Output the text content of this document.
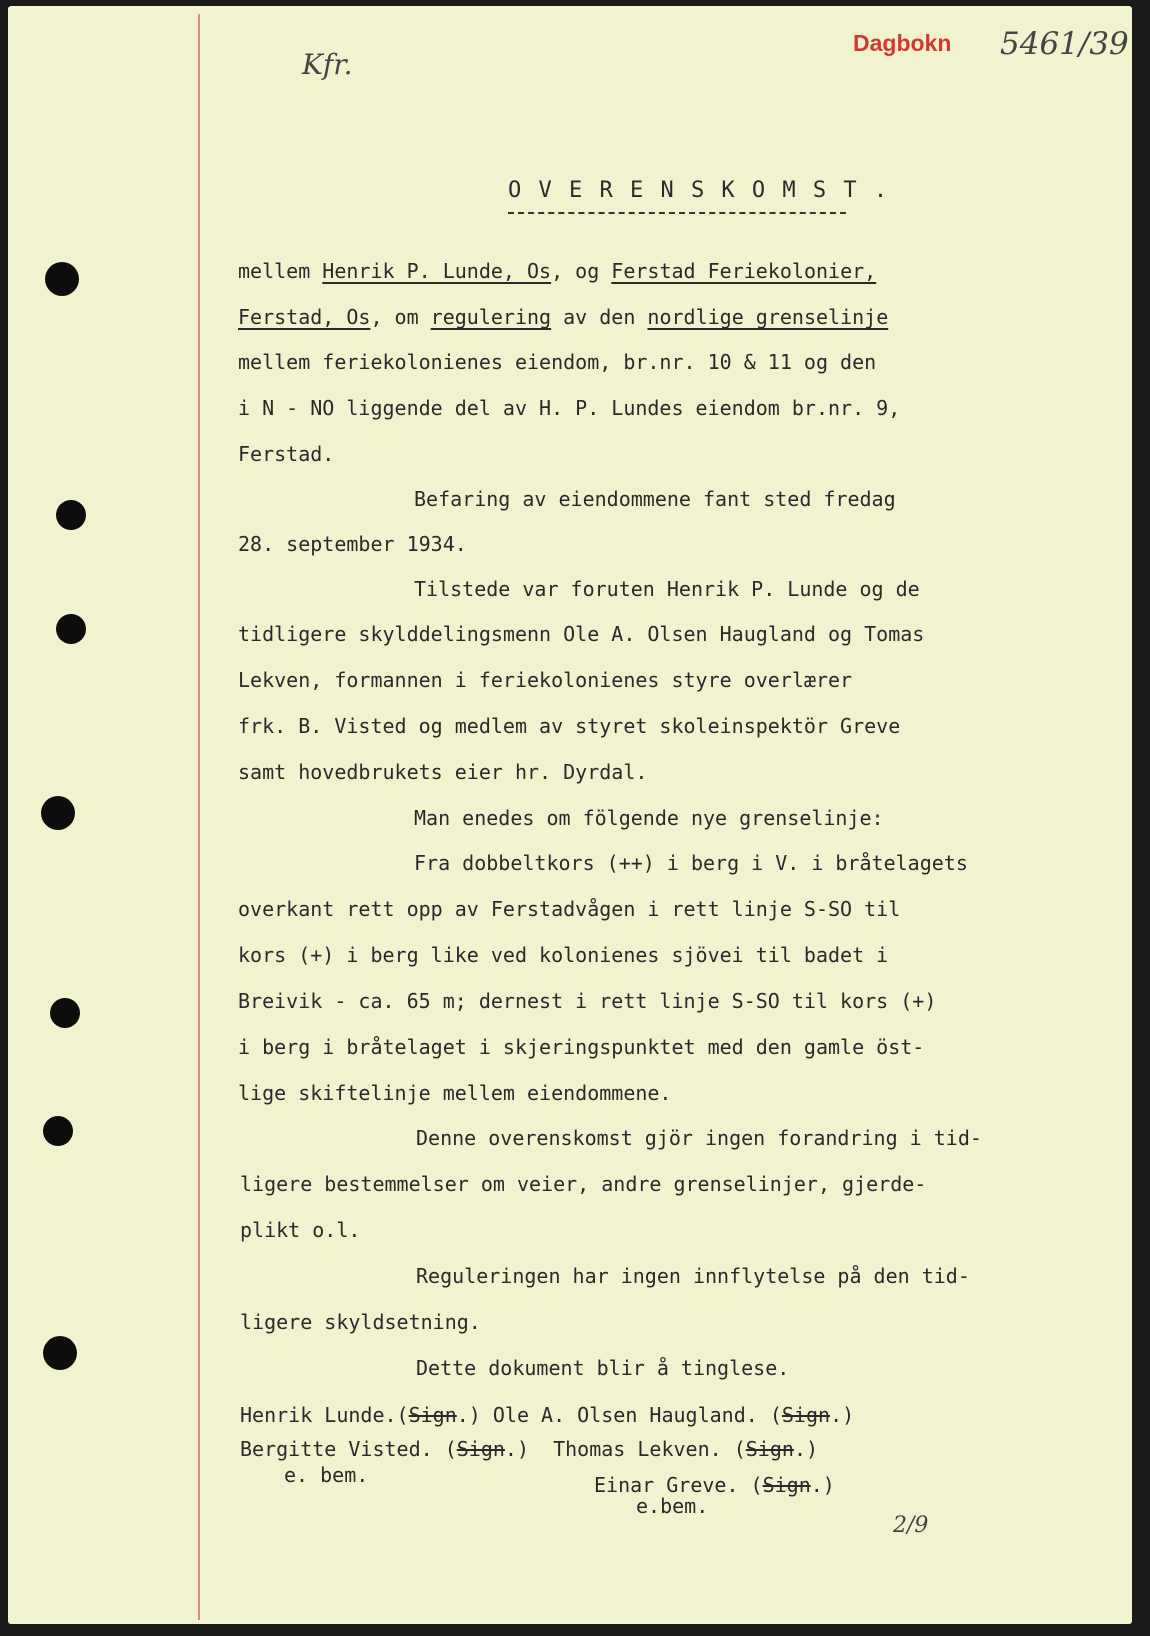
Dagbokn 5461/39
Kfr.
2/9
O V E R E N S K O M S T .
mellem Henrik P. Lunde, Os, og Ferstad Feriekolonier,
Ferstad, Os, om regulering av den nordlige grenselinje
mellem feriekolonienes eiendom, br.nr. 10 & 11 og den
i N - NO liggende del av H. P. Lundes eiendom br.nr. 9,
Ferstad.
Befaring av eiendommene fant sted fredag
28. september 1934.
Tilstede var foruten Henrik P. Lunde og de
tidligere skylddelingsmenn Ole A. Olsen Haugland og Tomas
Lekven, formannen i feriekolonienes styre overlærer
frk. B. Visted og medlem av styret skoleinspektör Greve
samt hovedbrukets eier hr. Dyrdal.
Man enedes om fölgende nye grenselinje:
Fra dobbeltkors (++) i berg i V. i bråtelagets
overkant rett opp av Ferstadvågen i rett linje S-SO til
kors (+) i berg like ved kolonienes sjövei til badet i
Breivik - ca. 65 m; dernest i rett linje S-SO til kors (+)
i berg i bråtelaget i skjeringspunktet med den gamle öst-
lige skiftelinje mellem eiendommene.
Denne overenskomst gjör ingen forandring i tid-
ligere bestemmelser om veier, andre grenselinjer, gjerde-
plikt o.l.
Reguleringen har ingen innflytelse på den tid-
ligere skyldsetning.
Dette dokument blir å tinglese.
Henrik Lunde.(Sign.) Ole A. Olsen Haugland. (Sign.)
Bergitte Visted. (Sign.)  Thomas Lekven. (Sign.)
e. bem.	Einar Greve. (Sign.)
e.bem.
